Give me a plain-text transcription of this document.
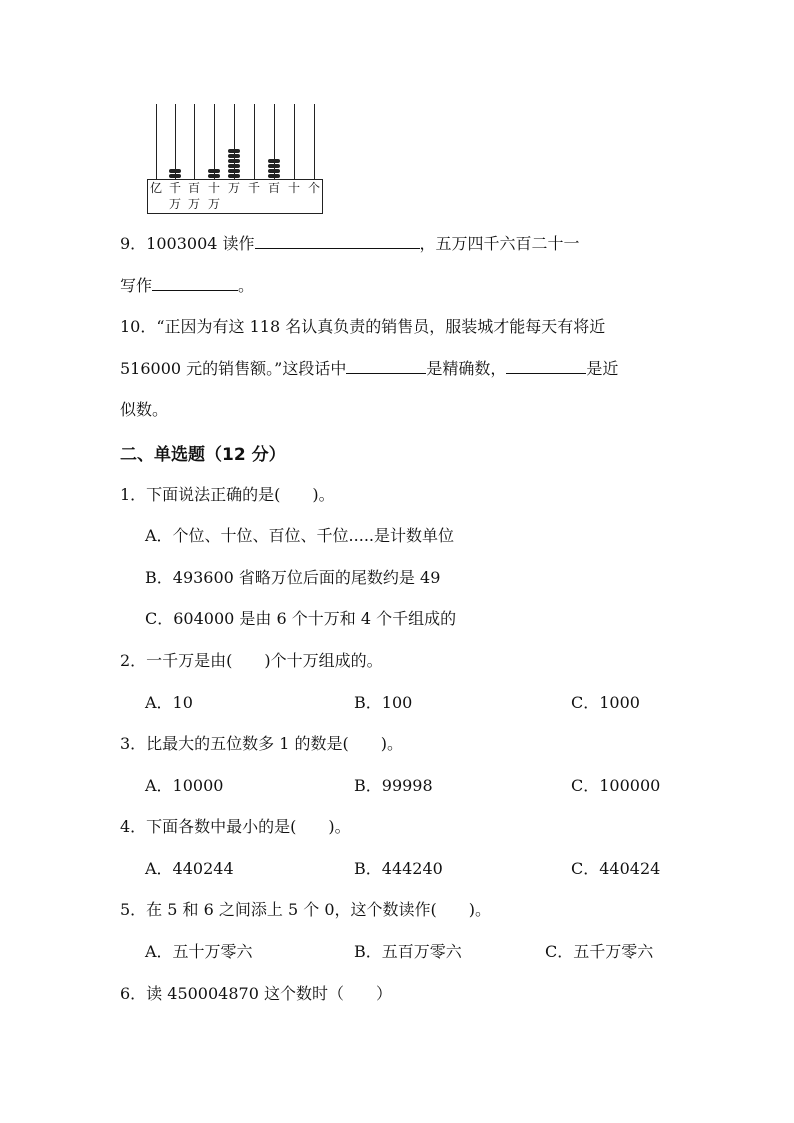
亿 千 百 十 万 千 百 十 个
万 万 万
9．1003004 读作	，五万四千六百二十一
写作	。
10．“正因为有这 118 名认真负责的销售员，服装城才能每天有将近
516000 元的销售额。”这段话中	是精确数，	是近
似数。
二、单选题（12 分）
1．下面说法正确的是(　　)。
A．个位、十位、百位、千位.....是计数单位
B．493600 省略万位后面的尾数约是 49
C．604000 是由 6 个十万和 4 个千组成的
2．一千万是由(　　)个十万组成的。
A．10	B．100	C．1000
3．比最大的五位数多 1 的数是(　　)。
A．10000	B．99998	C．100000
4．下面各数中最小的是(　　)。
A．440244	B．444240	C．440424
5．在 5 和 6 之间添上 5 个 0，这个数读作(　　)。
A．五十万零六	B．五百万零六	C．五千万零六
6．读 450004870 这个数时（　　）
